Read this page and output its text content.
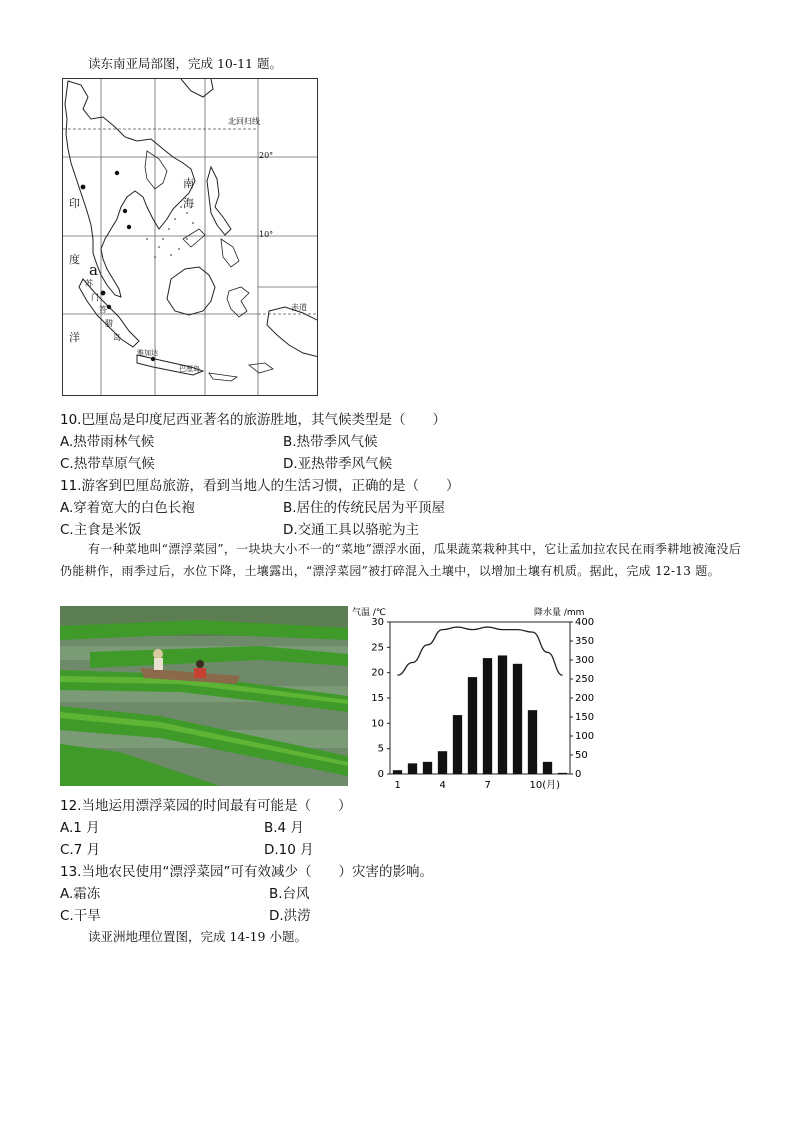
读东南亚局部图，完成 10-11 题。
北回归线
20°
10°
赤道
南
海
印
度
洋
a
苏
门
答
腊
岛
雅加达
巴厘岛
10.巴厘岛是印度尼西亚著名的旅游胜地，其气候类型是（　　）
A.热带雨林气候	B.热带季风气候
C.热带草原气候	D.亚热带季风气候
11.游客到巴厘岛旅游，看到当地人的生活习惯，正确的是（　　）
A.穿着宽大的白色长袍	B.居住的传统民居为平顶屋
C.主食是米饭	D.交通工具以骆驼为主
有一种菜地叫“漂浮菜园”，一块块大小不一的“菜地”漂浮水面，瓜果蔬菜栽种其中，它让孟加拉农民在雨季耕地被淹没后仍能耕作，雨季过后，水位下降，土壤露出，“漂浮菜园”被打碎混入土壤中，以增加土壤有机质。据此，完成 12-13 题。
气温 /℃	降水量 /mm
0
5
10
15
20
25
30
0
50
100
150
200
250
300
350
400
1	4	7	10(月)
12.当地运用漂浮菜园的时间最有可能是（　　）
A.1 月	B.4 月
C.7 月	D.10 月
13.当地农民使用“漂浮菜园”可有效减少（　　）灾害的影响。
A.霜冻	B.台风
C.干旱	D.洪涝
读亚洲地理位置图，完成 14-19 小题。
